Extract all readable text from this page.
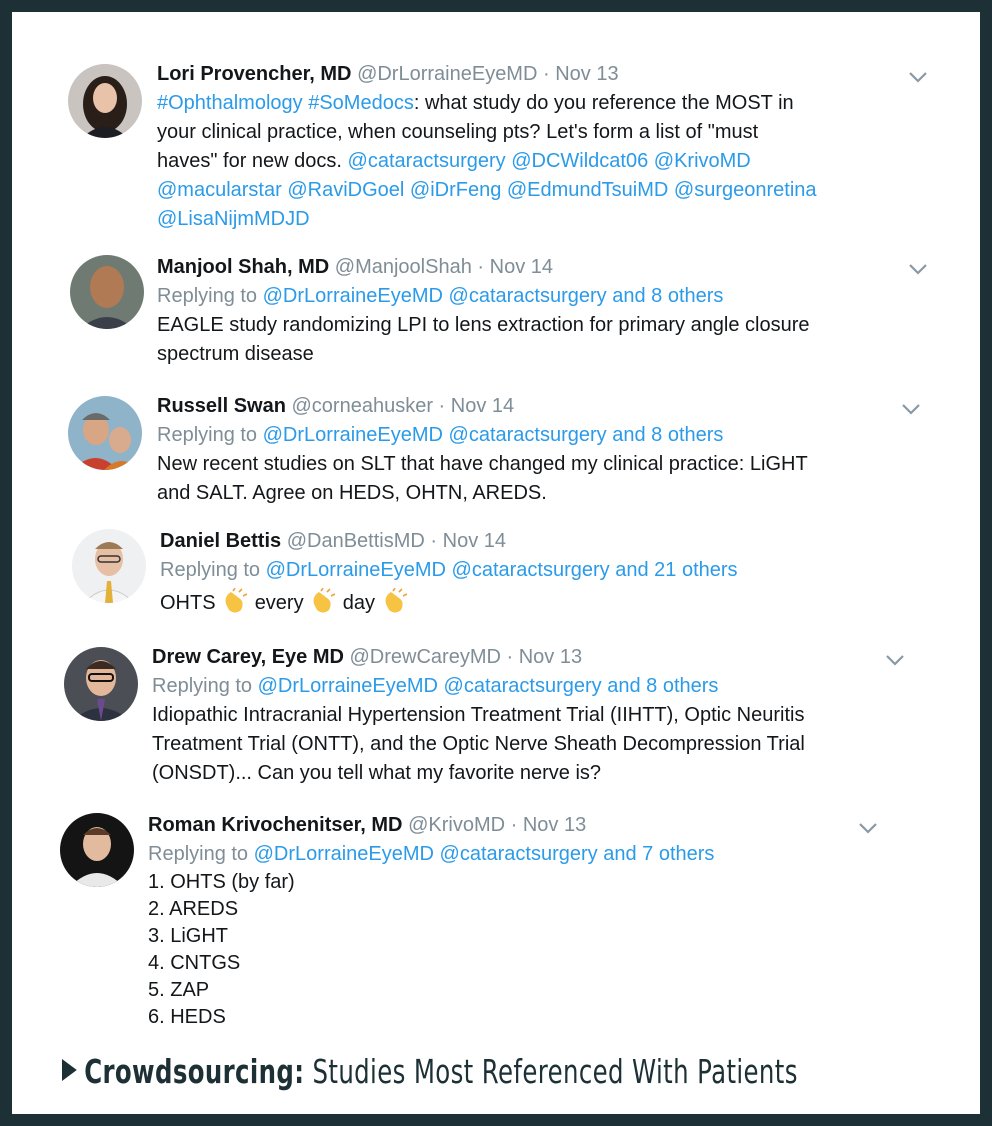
Lori Provencher, MD @DrLorraineEyeMD · Nov 13
#Ophthalmology #SoMedocs: what study do you reference the MOST in
your clinical practice, when counseling pts? Let's form a list of "must
haves" for new docs. @cataractsurgery @DCWildcat06 @KrivoMD
@macularstar @RaviDGoel @iDrFeng @EdmundTsuiMD @surgeonretina
@LisaNijmMDJD
Manjool Shah, MD @ManjoolShah · Nov 14
Replying to @DrLorraineEyeMD @cataractsurgery and 8 others
EAGLE study randomizing LPI to lens extraction for primary angle closure
spectrum disease
Russell Swan @corneahusker · Nov 14
Replying to @DrLorraineEyeMD @cataractsurgery and 8 others
New recent studies on SLT that have changed my clinical practice: LiGHT
and SALT. Agree on HEDS, OHTN, AREDS.
Daniel Bettis @DanBettisMD · Nov 14
Replying to @DrLorraineEyeMD @cataractsurgery and 21 others
OHTS every day
Drew Carey, Eye MD @DrewCareyMD · Nov 13
Replying to @DrLorraineEyeMD @cataractsurgery and 8 others
Idiopathic Intracranial Hypertension Treatment Trial (IIHTT), Optic Neuritis
Treatment Trial (ONTT), and the Optic Nerve Sheath Decompression Trial
(ONSDT)... Can you tell what my favorite nerve is?
Roman Krivochenitser, MD @KrivoMD · Nov 13
Replying to @DrLorraineEyeMD @cataractsurgery and 7 others
1. OHTS (by far)
2. AREDS
3. LiGHT
4. CNTGS
5. ZAP
6. HEDS
Crowdsourcing: Studies Most Referenced With Patients
